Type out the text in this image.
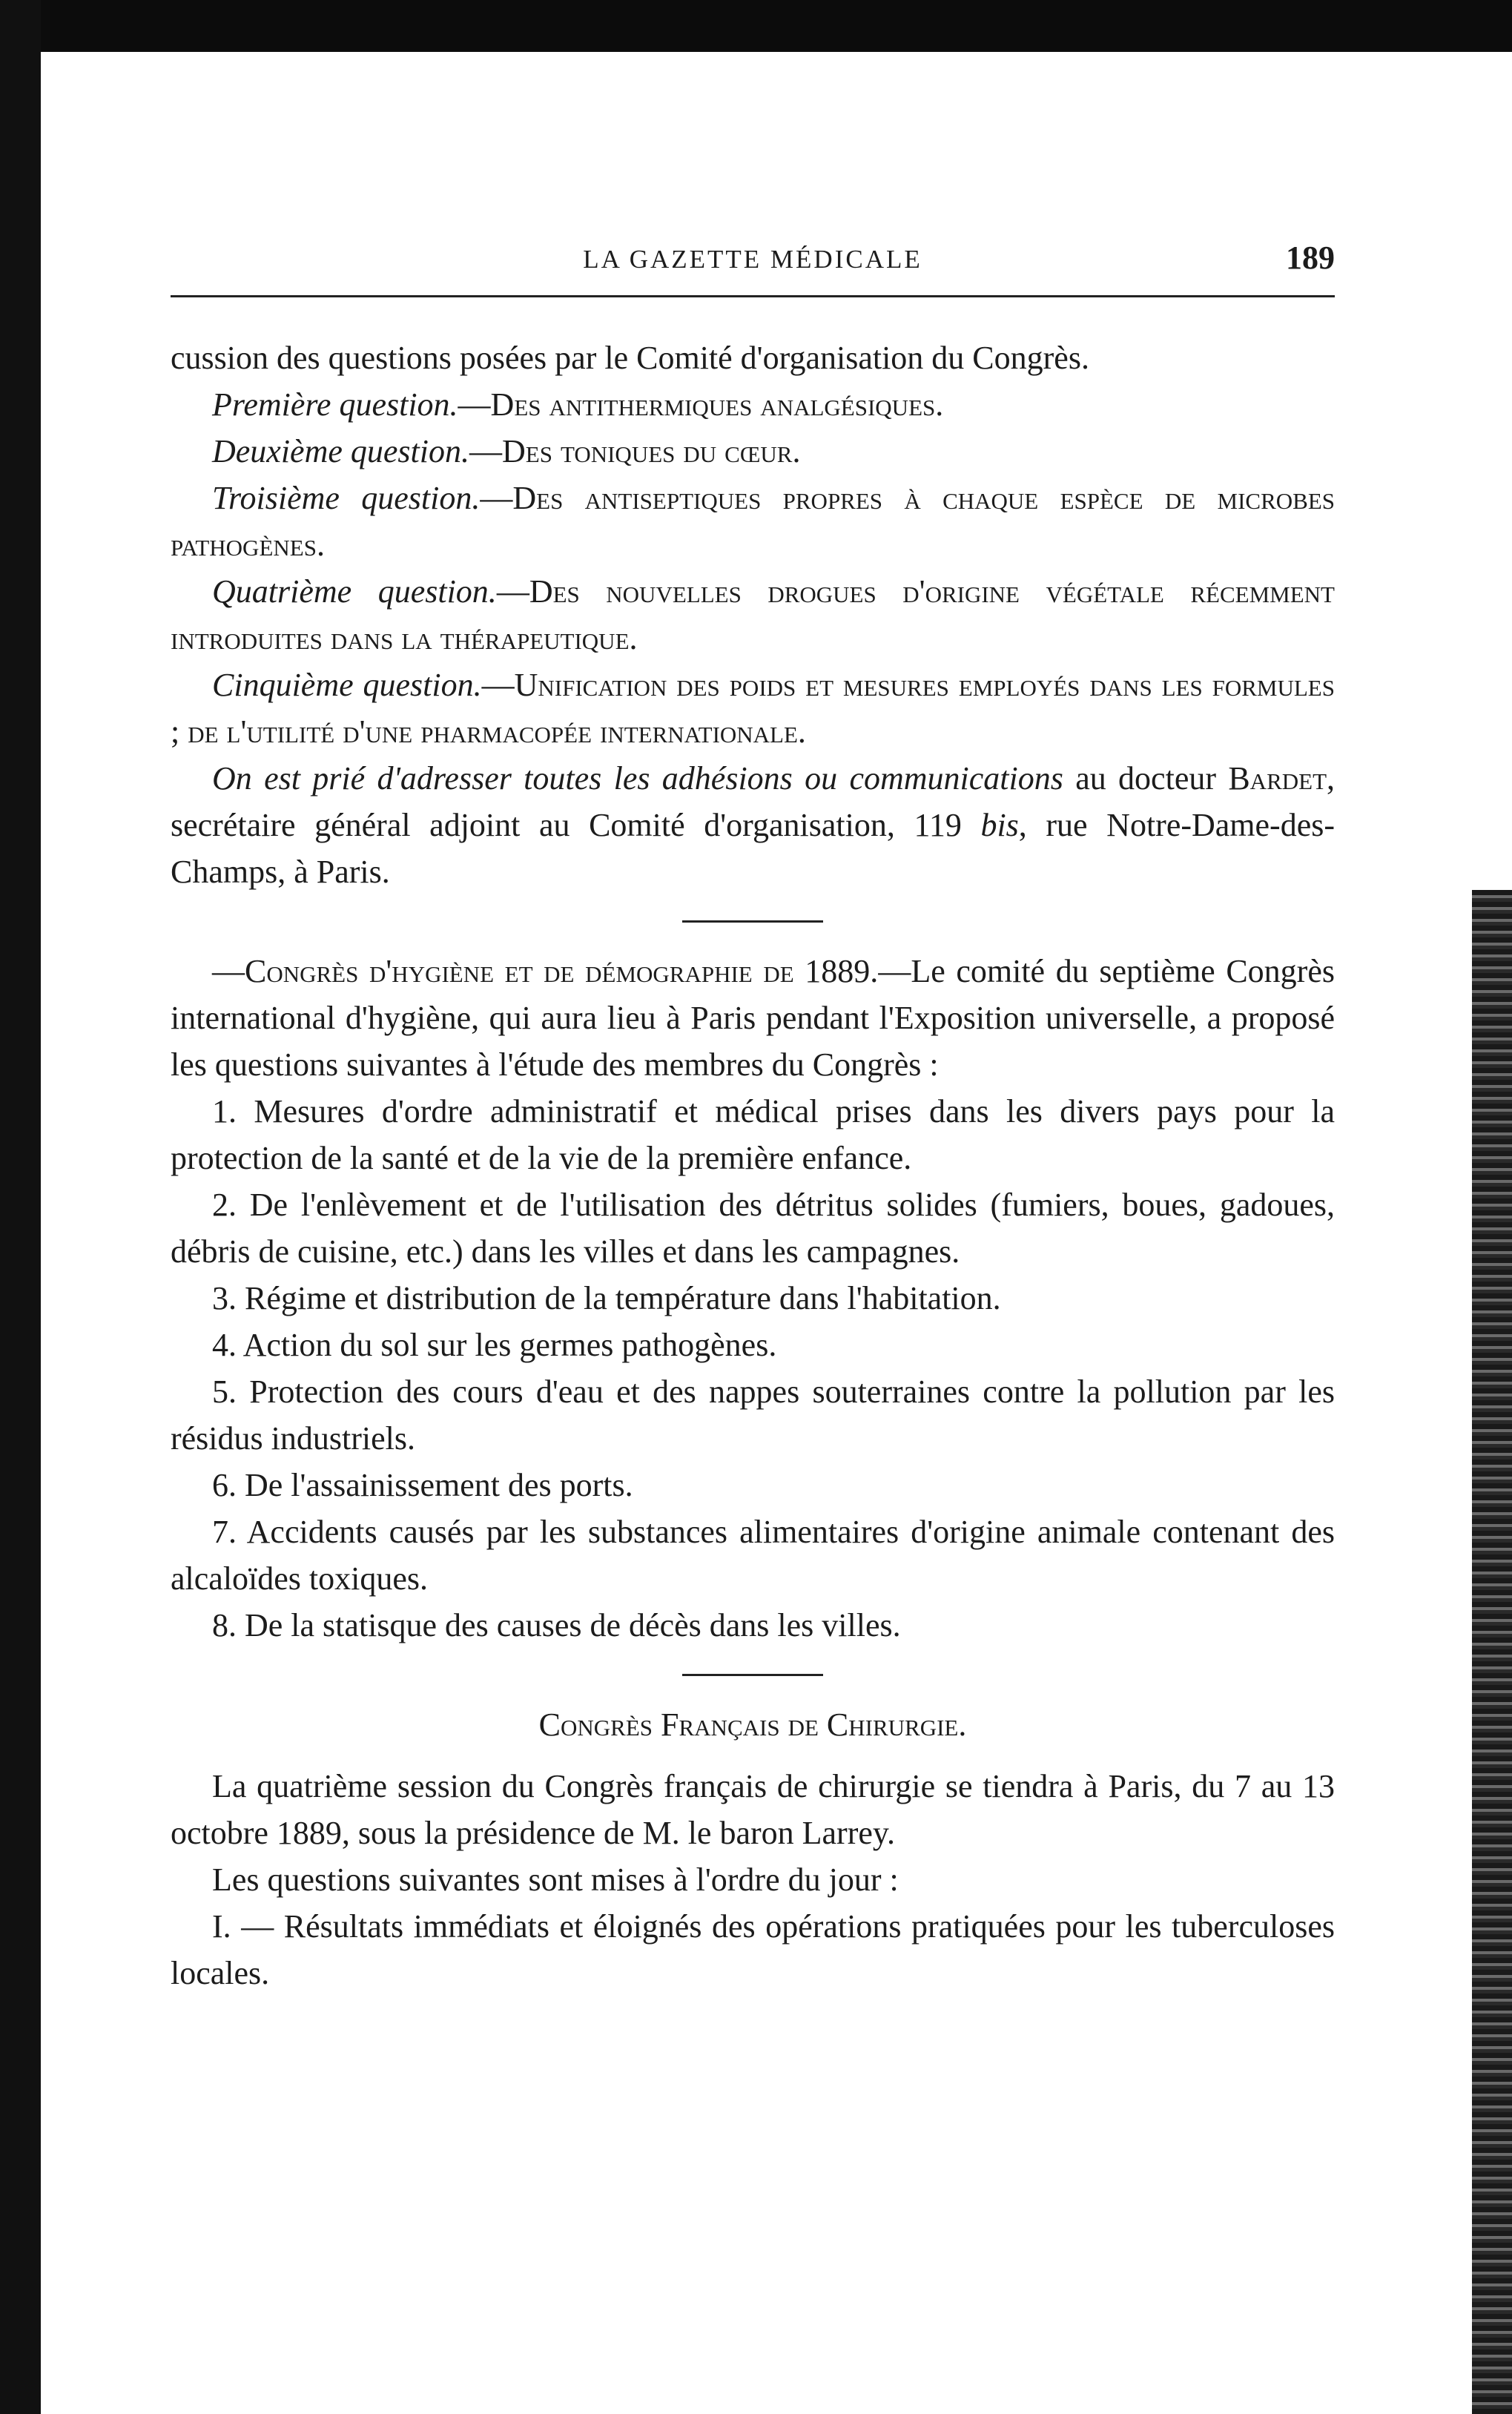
LA GAZETTE MÉDICALE	189

cussion des questions posées par le Comité d'organisation du Congrès.

Première question.—Des antithermiques analgésiques.

Deuxième question.—Des toniques du cœur.

Troisième question.—Des antiseptiques propres à chaque espèce de microbes pathogènes.

Quatrième question.—Des nouvelles drogues d'origine végétale récemment introduites dans la thérapeutique.

Cinquième question.—Unification des poids et mesures employés dans les formules ; de l'utilité d'une pharmacopée internationale.

On est prié d'adresser toutes les adhésions ou communications au docteur Bardet, secrétaire général adjoint au Comité d'organisation, 119 bis, rue Notre-Dame-des-Champs, à Paris.

—Congrès d'hygiène et de démographie de 1889.—Le comité du septième Congrès international d'hygiène, qui aura lieu à Paris pendant l'Exposition universelle, a proposé les questions suivantes à l'étude des membres du Congrès :

1. Mesures d'ordre administratif et médical prises dans les divers pays pour la protection de la santé et de la vie de la première enfance.

2. De l'enlèvement et de l'utilisation des détritus solides (fumiers, boues, gadoues, débris de cuisine, etc.) dans les villes et dans les campagnes.

3. Régime et distribution de la température dans l'habitation.

4. Action du sol sur les germes pathogènes.

5. Protection des cours d'eau et des nappes souterraines contre la pollution par les résidus industriels.

6. De l'assainissement des ports.

7. Accidents causés par les substances alimentaires d'origine animale contenant des alcaloïdes toxiques.

8. De la statisque des causes de décès dans les villes.

Congrès Français de Chirurgie.

La quatrième session du Congrès français de chirurgie se tiendra à Paris, du 7 au 13 octobre 1889, sous la présidence de M. le baron Larrey.

Les questions suivantes sont mises à l'ordre du jour :

I. — Résultats immédiats et éloignés des opérations pratiquées pour les tuberculoses locales.
